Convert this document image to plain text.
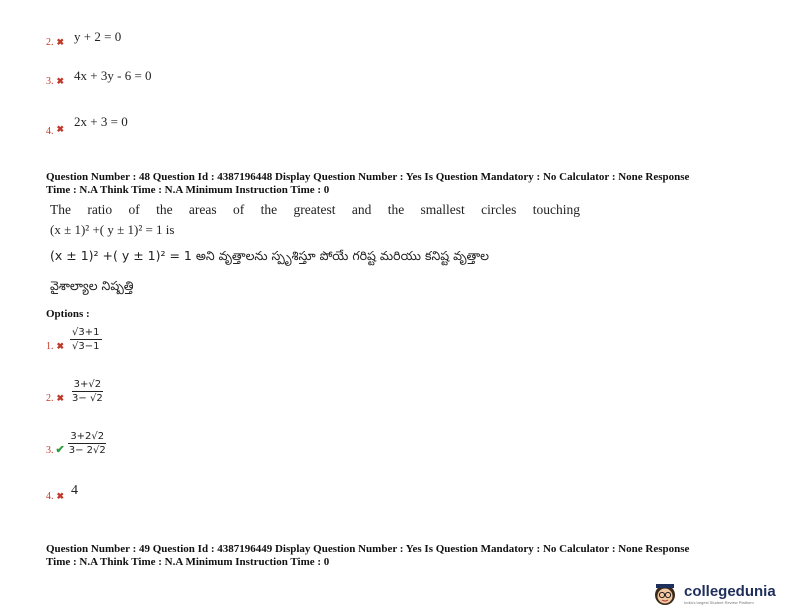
2. ✖ $^{y + 2 = 0}$
3. ✖ $^{4x + 3y - 6 = 0}$
$_{4.}$ $_✖$ 2x + 3 = 0
Question Number : 48 Question Id : 4387196448 Display Question Number : Yes Is Question Mandatory : No Calculator : None Response
Time : N.A Think Time : N.A Minimum Instruction Time : 0
The ratio of the areas of the greatest and the smallest circles touching
(x ± 1)² +( y ± 1)² = 1 is
(x ± 1)² +( y ± 1)² = 1 అని వృత్తాలను స్పృశిస్తూ పోయే గరిష్ట మరియు కనిష్ట వృత్తాల
వైశాల్యాల నిష్పత్తి
Options :
1. ✖ $\frac{√3+1}{√3-1}$
2. ✖ $\frac{3+√2}{3- √2}$
3. ✔ $\frac{3+2√2}{3- 2√2}$
4. ✖ 4
Question Number : 49 Question Id : 4387196449 Display Question Number : Yes Is Question Mandatory : No Calculator : None Response
Time : N.A Think Time : N.A Minimum Instruction Time : 0
collegedunia
India's largest Student Review Platform
